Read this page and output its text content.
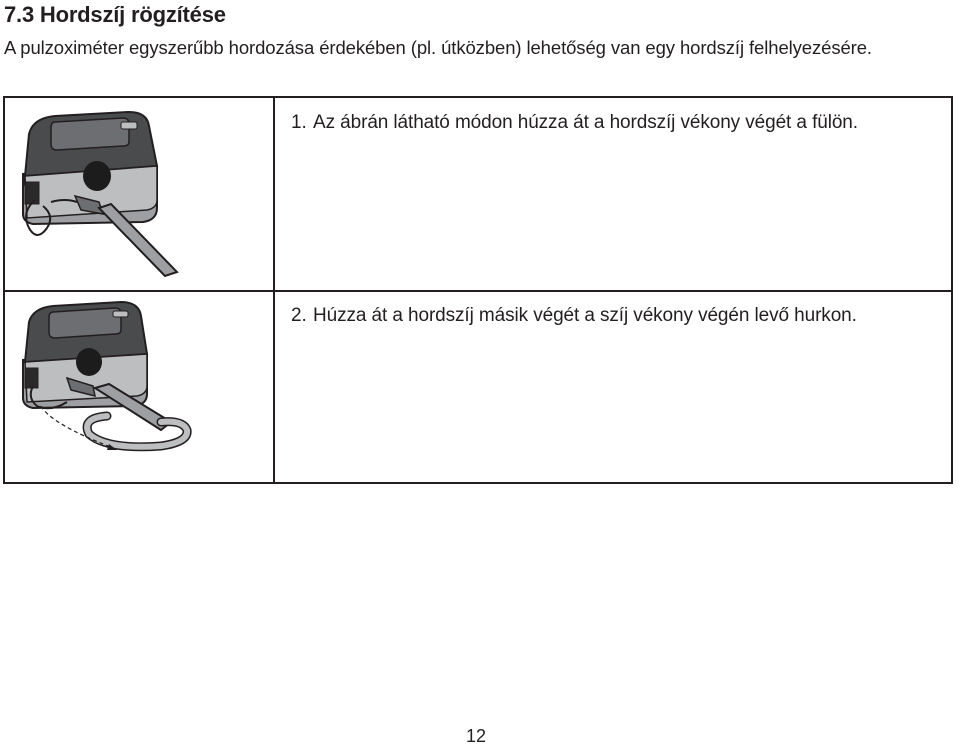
7.3 Hordszíj rögzítése
A pulzoximéter egyszerűbb hordozása érdekében (pl. útközben) lehetőség van egy hordszíj felhelyezésére.
1. Az ábrán látható módon húzza át a hordszíj vékony végét a fülön.
2. Húzza át a hordszíj másik végét a szíj vékony végén levő hurkon.
12
